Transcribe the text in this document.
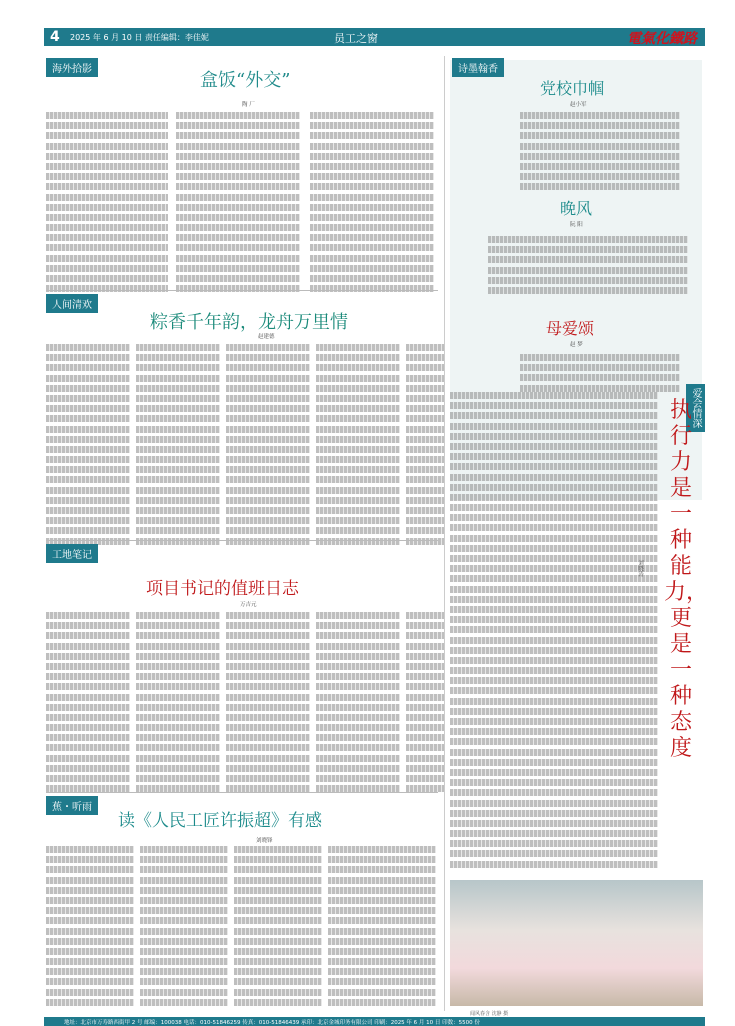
4 2025 年 6 月 10 日 责任编辑：李佳妮	员工之窗	電氣化鐵路
海外拾影
盒饭“外交”
陶 厂
人间清欢
粽香千年韵，龙舟万里情
赵建德
工地笔记
项目书记的值班日志
万吉元
蕉・听雨
读《人民工匠许振超》有感
刘晓锋
诗墨翰香
党校巾帼
赵小军
晚风
阮 阳
母爱颂
赵 梦
爱会情深
执行力是一种能力，更是一种态度
刘晓涛
闻风春含 沈静 摄
地址：北京市万寿路西街甲 2 号 邮编：100038 电话：010-51846259 传真：010-51846439 承印：北京金城印务有限公司 印刷：2025 年 6 月 10 日 印数：5500 份
